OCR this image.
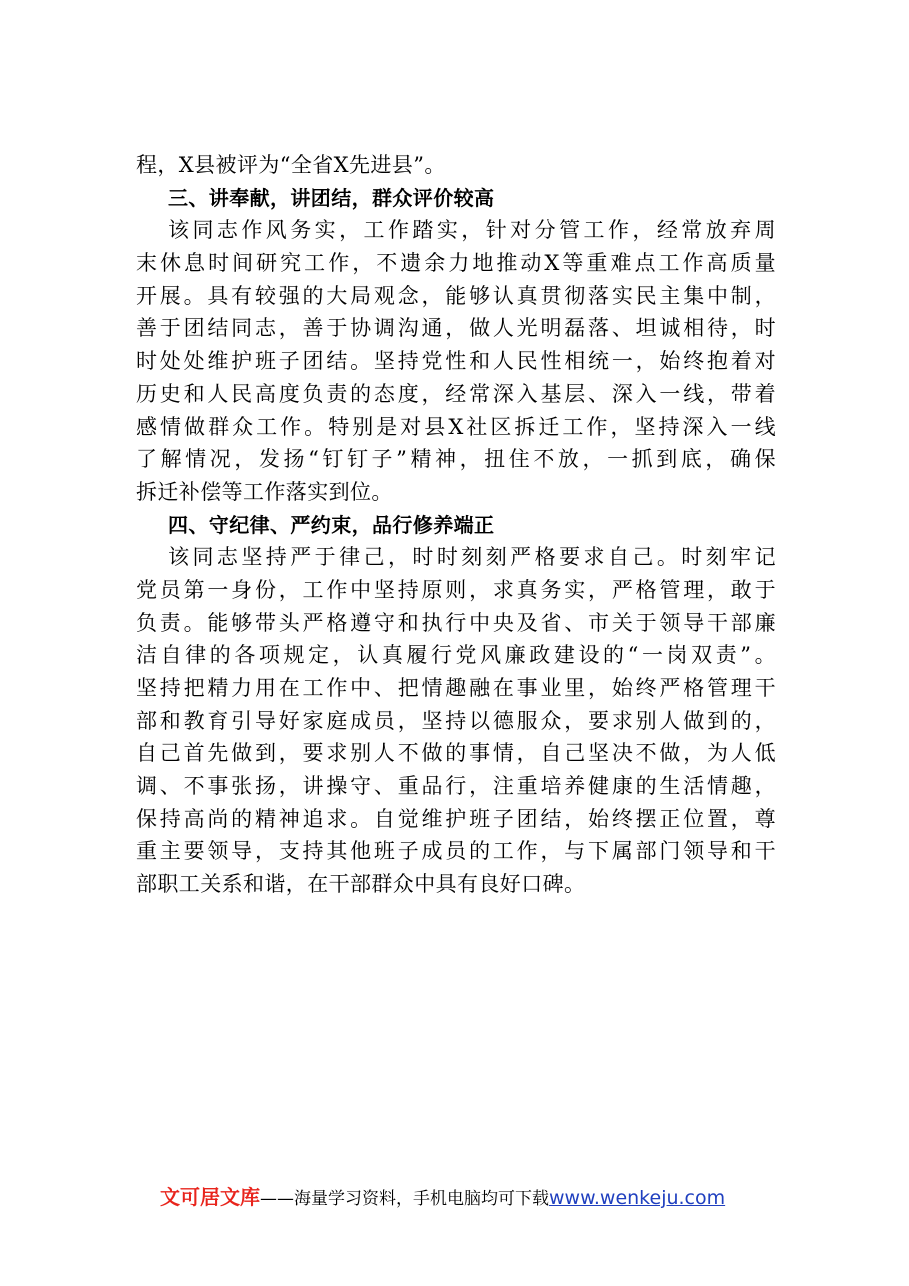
程，X县被评为“全省X先进县”。
三、讲奉献，讲团结，群众评价较高
该同志作风务实，工作踏实，针对分管工作，经常放弃周
末休息时间研究工作，不遗余力地推动X等重难点工作高质量
开展。具有较强的大局观念，能够认真贯彻落实民主集中制，
善于团结同志，善于协调沟通，做人光明磊落、坦诚相待，时
时处处维护班子团结。坚持党性和人民性相统一，始终抱着对
历史和人民高度负责的态度，经常深入基层、深入一线，带着
感情做群众工作。特别是对县X社区拆迁工作，坚持深入一线
了解情况，发扬“钉钉子”精神，扭住不放，一抓到底，确保
拆迁补偿等工作落实到位。
四、守纪律、严约束，品行修养端正
该同志坚持严于律己，时时刻刻严格要求自己。时刻牢记
党员第一身份，工作中坚持原则，求真务实，严格管理，敢于
负责。能够带头严格遵守和执行中央及省、市关于领导干部廉
洁自律的各项规定，认真履行党风廉政建设的“一岗双责”。
坚持把精力用在工作中、把情趣融在事业里，始终严格管理干
部和教育引导好家庭成员，坚持以德服众，要求别人做到的，
自己首先做到，要求别人不做的事情，自己坚决不做，为人低
调、不事张扬，讲操守、重品行，注重培养健康的生活情趣，
保持高尚的精神追求。自觉维护班子团结，始终摆正位置，尊
重主要领导，支持其他班子成员的工作，与下属部门领导和干
部职工关系和谐，在干部群众中具有良好口碑。
文可居文库——海量学习资料，手机电脑均可下载www.wenkeju.com
